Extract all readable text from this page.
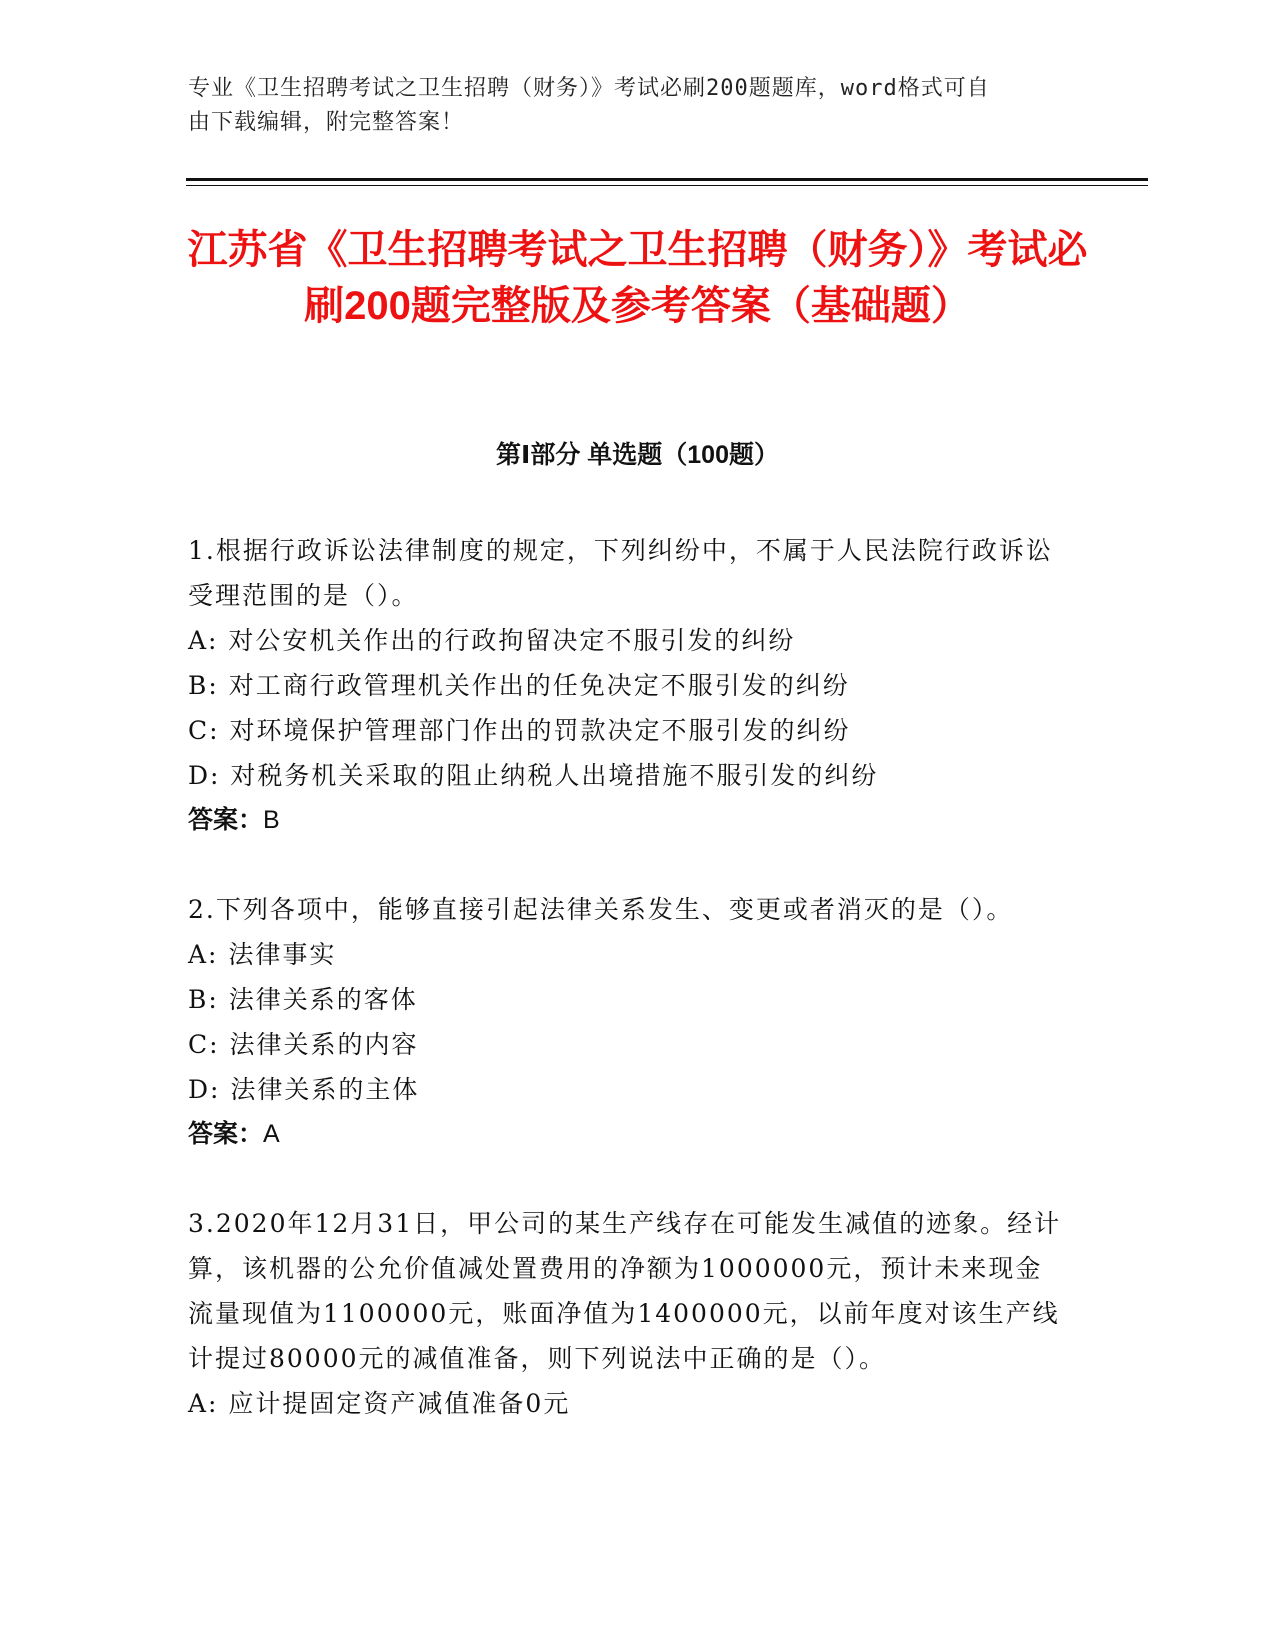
专业《卫生招聘考试之卫生招聘（财务）》考试必刷200题题库，word格式可自
由下载编辑，附完整答案！
江苏省《卫生招聘考试之卫生招聘（财务）》考试必刷200题完整版及参考答案（基础题）
第Ⅰ部分 单选题（100题）

1.根据行政诉讼法律制度的规定，下列纠纷中，不属于人民法院行政诉讼受理范围的是（）。

A: 对公安机关作出的行政拘留决定不服引发的纠纷

B: 对工商行政管理机关作出的任免决定不服引发的纠纷

C: 对环境保护管理部门作出的罚款决定不服引发的纠纷

D: 对税务机关采取的阻止纳税人出境措施不服引发的纠纷

答案：B

2.下列各项中，能够直接引起法律关系发生、变更或者消灭的是（）。

A: 法律事实

B: 法律关系的客体

C: 法律关系的内容

D: 法律关系的主体

答案：A

3.2020年12月31日，甲公司的某生产线存在可能发生减值的迹象。经计算，该机器的公允价值减处置费用的净额为1000000元，预计未来现金流量现值为1100000元，账面净值为1400000元，以前年度对该生产线计提过80000元的减值准备，则下列说法中正确的是（）。

A: 应计提固定资产减值准备0元
